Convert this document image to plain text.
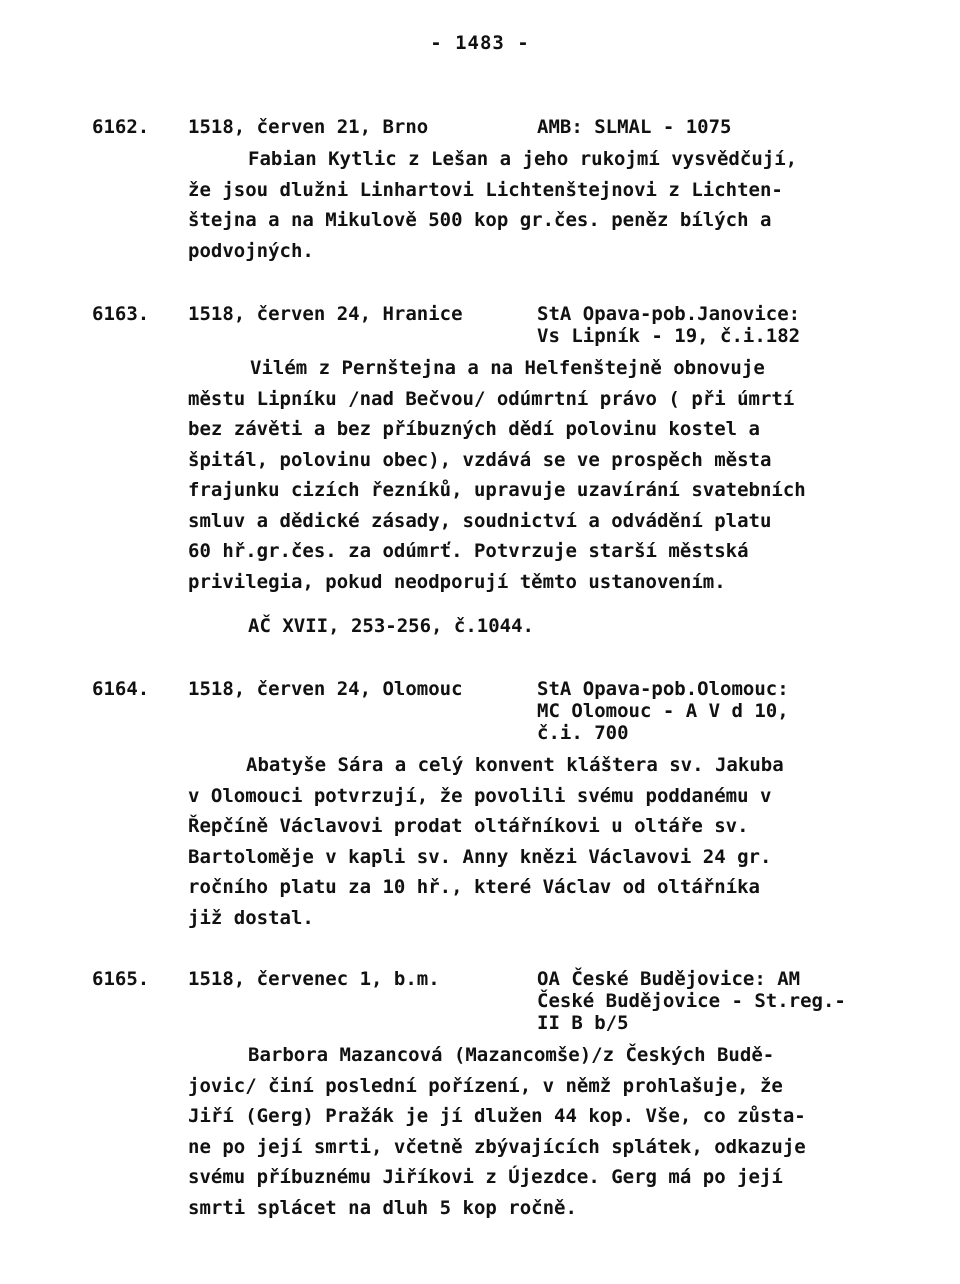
- 1483 -
6162. 1518, červen 21, Brno	AMB: SLMAL - 1075
Fabian Kytlic z Lešan a jeho rukojmí vysvědčují,
že jsou dlužni Linhartovi Lichtenštejnovi z Lichten-
štejna a na Mikulově 500 kop gr.čes. peněz bílých a
podvojných.
6163. 1518, červen 24, Hranice	StA Opava-pob.Janovice:
Vs Lipník - 19, č.i.182
Vilém z Pernštejna a na Helfenštejně obnovuje
městu Lipníku /nad Bečvou/ odúmrtní právo ( při úmrtí
bez závěti a bez příbuzných dědí polovinu kostel a
špitál, polovinu obec), vzdává se ve prospěch města
frajunku cizích řezníků, upravuje uzavírání svatebních
smluv a dědické zásady, soudnictví a odvádění platu
60 hř.gr.čes. za odúmrť. Potvrzuje starší městská
privilegia, pokud neodporují těmto ustanovením.
AČ XVII, 253-256, č.1044.
6164. 1518, červen 24, Olomouc	StA Opava-pob.Olomouc:
MC Olomouc - A V d 10,
č.i. 700
Abatyše Sára a celý konvent kláštera sv. Jakuba
v Olomouci potvrzují, že povolili svému poddanému v
Řepčíně Václavovi prodat oltářníkovi u oltáře sv.
Bartoloměje v kapli sv. Anny knězi Václavovi 24 gr.
ročního platu za 10 hř., které Václav od oltářníka
již dostal.
6165. 1518, červenec 1, b.m.	OA České Budějovice: AM
České Budějovice - St.reg.-
II B b/5
Barbora Mazancová (Mazancomše)/z Českých Budě-
jovic/ činí poslední pořízení, v němž prohlašuje, že
Jiří (Gerg) Pražák je jí dlužen 44 kop. Vše, co zůsta-
ne po její smrti, včetně zbývajících splátek, odkazuje
svému příbuznému Jiříkovi z Újezdce. Gerg má po její
smrti splácet na dluh 5 kop ročně.
